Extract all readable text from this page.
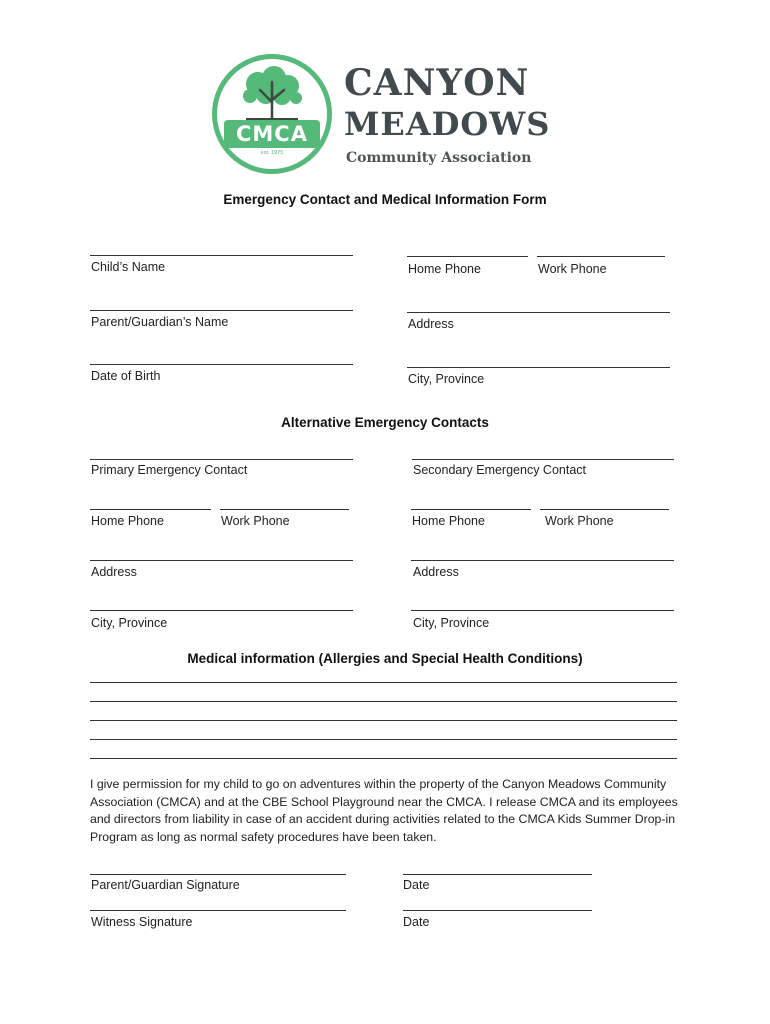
CMCA
est. 1975
CANYON
MEADOWS
Community Association
Emergency Contact and Medical Information Form
Child’s Name	Home Phone	Work Phone
Parent/Guardian’s Name	Address
Date of Birth	City, Province
Alternative Emergency Contacts
Primary Emergency Contact	Secondary Emergency Contact
Home Phone	Work Phone	Home Phone	Work Phone
Address	Address
City, Province	City, Province
Medical information (Allergies and Special Health Conditions)
I give permission for my child to go on adventures within the property of the Canyon Meadows Community Association (CMCA) and at the CBE School Playground near the CMCA. I release CMCA and its employees and directors from liability in case of an accident during activities related to the CMCA Kids Summer Drop-in Program as long as normal safety procedures have been taken.
Parent/Guardian Signature	Date
Witness Signature	Date
